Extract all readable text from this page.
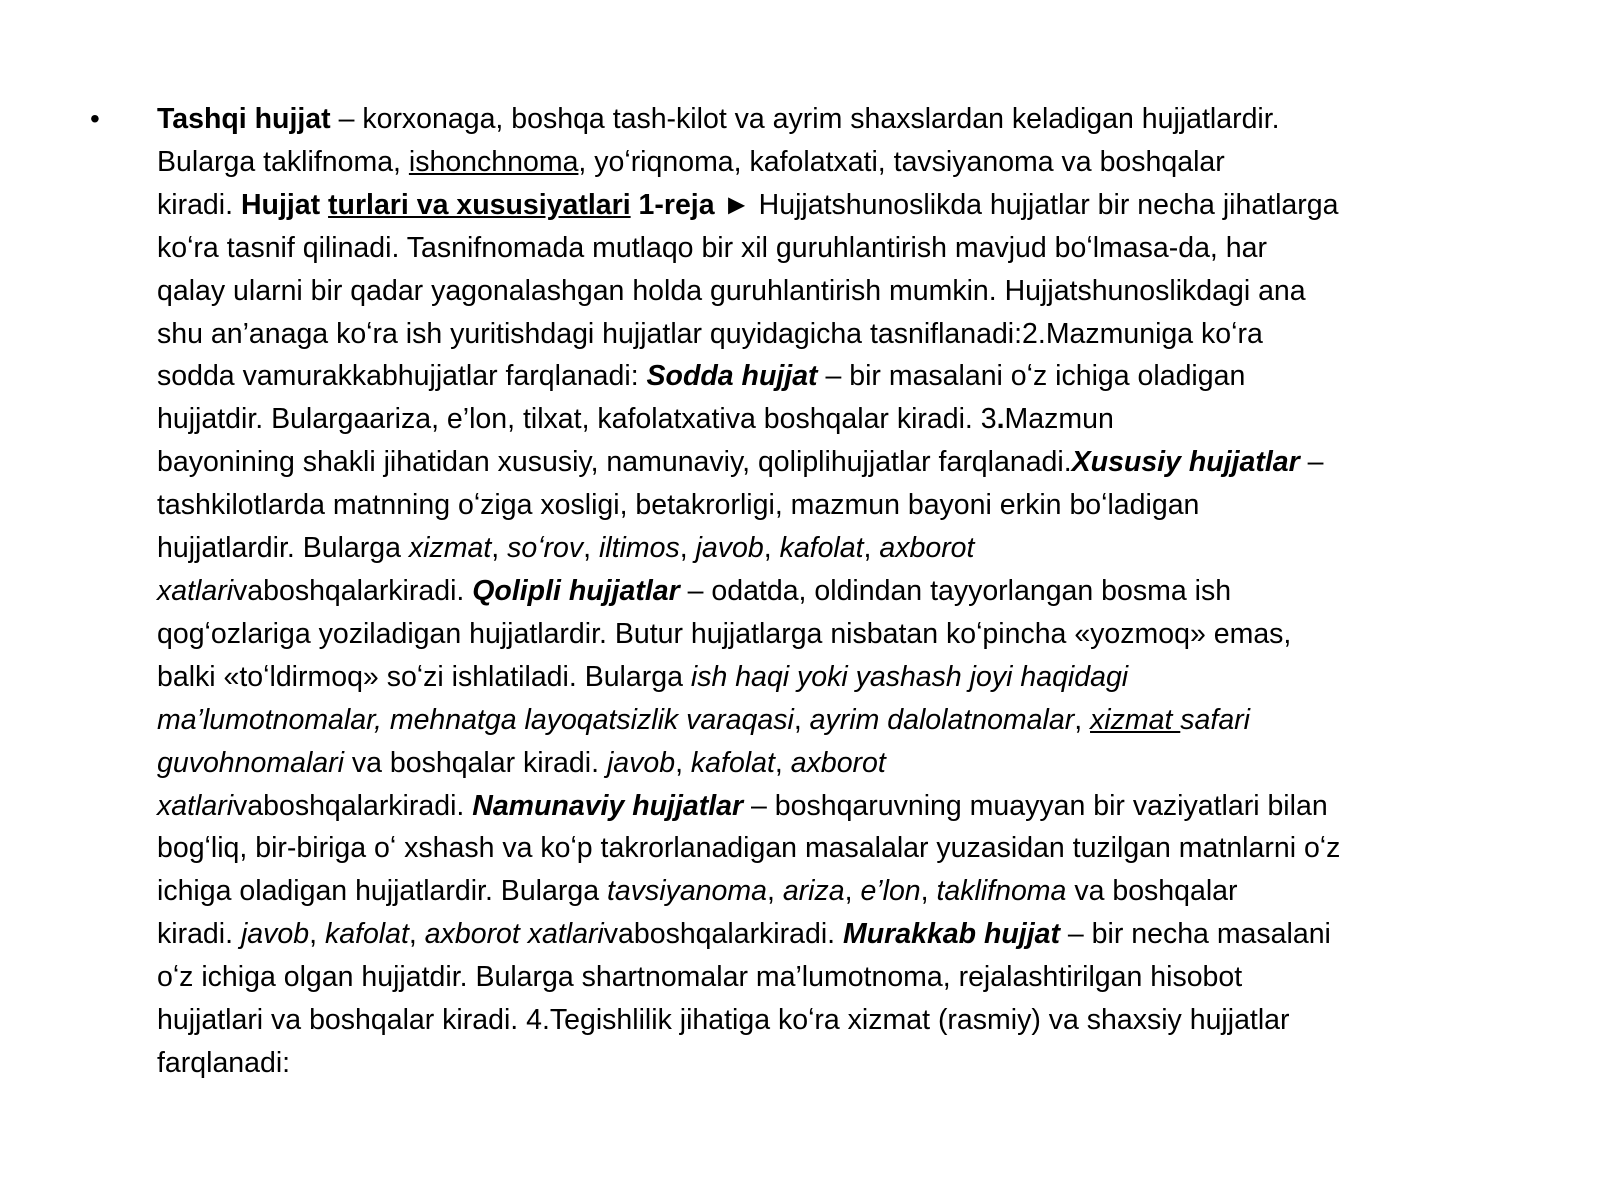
• Tashqi hujjat – korxonaga, boshqa tash-kilot va ayrim shaxslardan keladigan hujjatlardir.
Bularga taklifnoma, ishonchnoma, yoʻriqnoma, kafolatxati, tavsiyanoma va boshqalar
kiradi. Hujjat turlari va xususiyatlari 1-reja ► Hujjatshunoslikda hujjatlar bir necha jihatlarga
koʻra tasnif qilinadi. Tasnifnomada mutlaqo bir xil guruhlantirish mavjud boʻlmasa-da, har
qalay ularni bir qadar yagonalashgan holda guruhlantirish mumkin. Hujjatshunoslikdagi ana
shu an’anaga koʻra ish yuritishdagi hujjatlar quyidagicha tasniflanadi:2.Mazmuniga koʻra
sodda vamurakkabhujjatlar farqlanadi: Sodda hujjat – bir masalani oʻz ichiga oladigan
hujjatdir. Bulargaariza, e’lon, tilxat, kafolatxativa boshqalar kiradi. 3.Mazmun
bayonining shakli jihatidan xususiy, namunaviy, qoliplihujjatlar farqlanadi.Xususiy hujjatlar –
tashkilotlarda matnning oʻziga xosligi, betakrorligi, mazmun bayoni erkin boʻladigan
hujjatlardir. Bularga xizmat, soʻrov, iltimos, javob, kafolat, axborot
xatlarivaboshqalarkiradi. Qolipli hujjatlar – odatda, oldindan tayyorlangan bosma ish
qogʻozlariga yoziladigan hujjatlardir. Butur hujjatlarga nisbatan koʻpincha «yozmoq» emas,
balki «toʻldirmoq» soʻzi ishlatiladi. Bularga ish haqi yoki yashash joyi haqidagi
ma’lumotnomalar, mehnatga layoqatsizlik varaqasi, ayrim dalolatnomalar, xizmat safari
guvohnomalari va boshqalar kiradi. javob, kafolat, axborot
xatlarivaboshqalarkiradi. Namunaviy hujjatlar – boshqaruvning muayyan bir vaziyatlari bilan
bogʻliq, bir-biriga oʻ xshash va koʻp takrorlanadigan masalalar yuzasidan tuzilgan matnlarni oʻz
ichiga oladigan hujjatlardir. Bularga tavsiyanoma, ariza, e’lon, taklifnoma va boshqalar
kiradi. javob, kafolat, axborot xatlarivaboshqalarkiradi. Murakkab hujjat – bir necha masalani
oʻz ichiga olgan hujjatdir. Bularga shartnomalar ma’lumotnoma, rejalashtirilgan hisobot
hujjatlari va boshqalar kiradi. 4.Tegishlilik jihatiga koʻra xizmat (rasmiy) va shaxsiy hujjatlar
farqlanadi:
